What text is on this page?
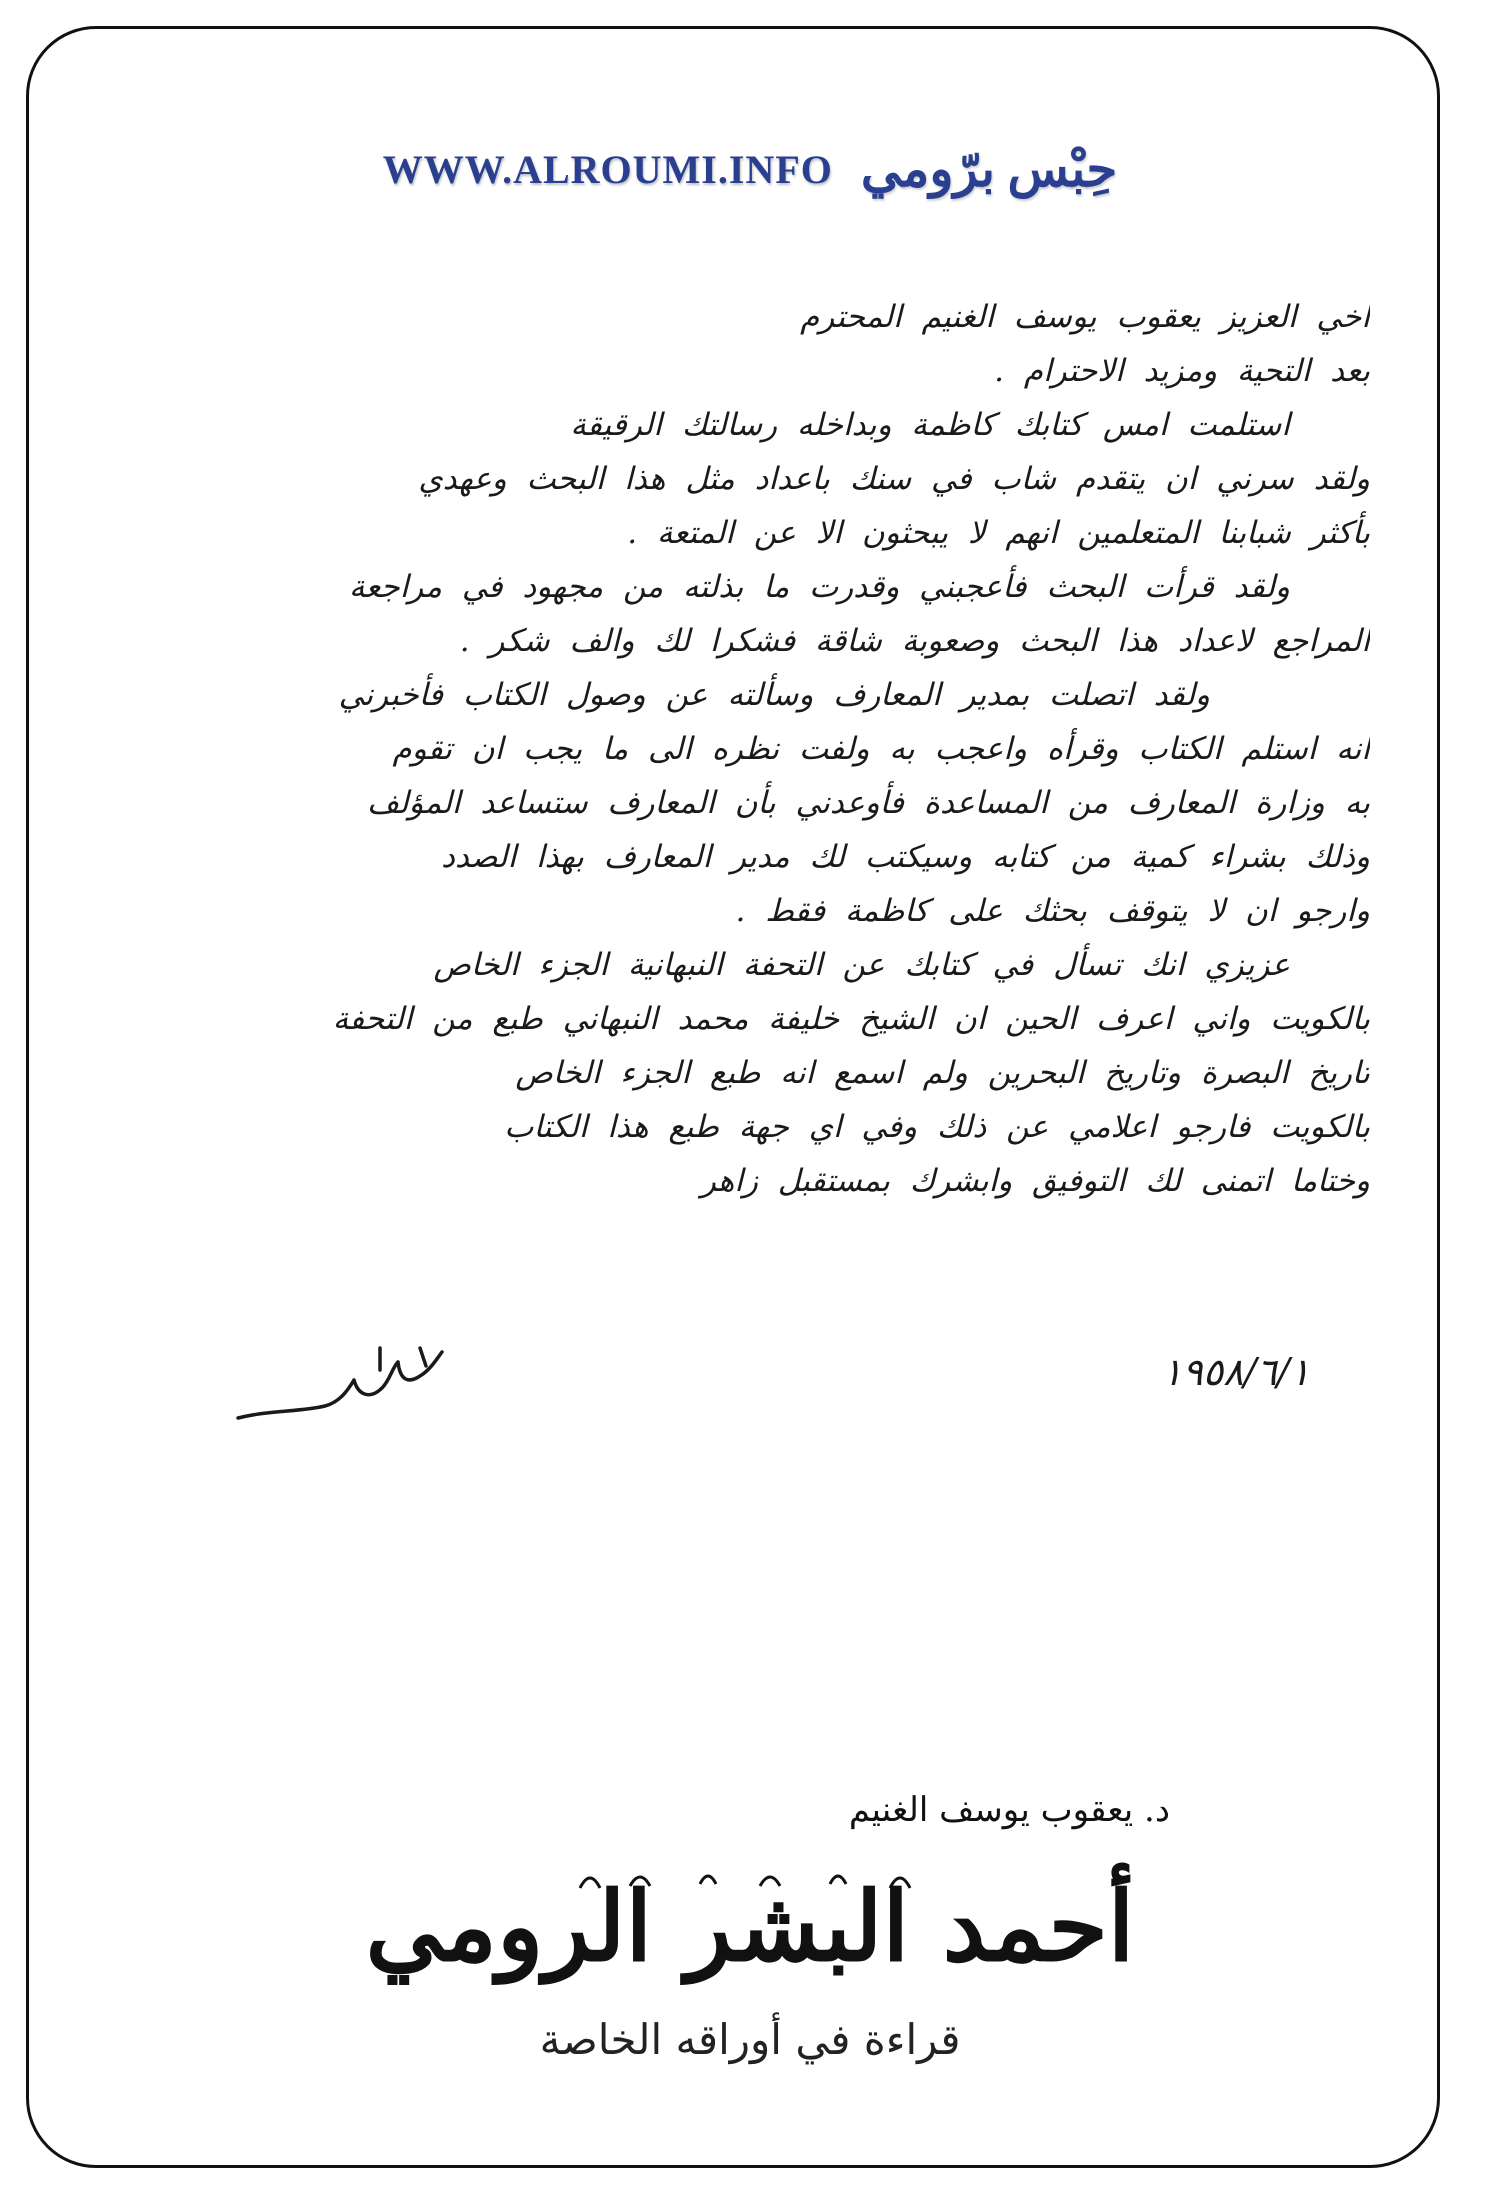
WWW.ALROUMI.INFO حِبْس برّومي
اخي العزيز يعقوب يوسف الغنيم المحترم
بعد التحية ومزيد الاحترام .
استلمت امس كتابك كاظمة وبداخله رسالتك الرقيقة
ولقد سرني ان يتقدم شاب في سنك باعداد مثل هذا البحث وعهدي
بأكثر شبابنا المتعلمين انهم لا يبحثون الا عن المتعة .
ولقد قرأت البحث فأعجبني وقدرت ما بذلته من مجهود في مراجعة
المراجع لاعداد هذا البحث وصعوبة شاقة فشكرا لك والف شكر .
ولقد اتصلت بمدير المعارف وسألته عن وصول الكتاب فأخبرني
انه استلم الكتاب وقرأه واعجب به ولفت نظره الى ما يجب ان تقوم
به وزارة المعارف من المساعدة فأوعدني بأن المعارف ستساعد المؤلف
وذلك بشراء كمية من كتابه وسيكتب لك مدير المعارف بهذا الصدد
وارجو ان لا يتوقف بحثك على كاظمة فقط .
عزيزي انك تسأل في كتابك عن التحفة النبهانية الجزء الخاص
بالكويت واني اعرف الحين ان الشيخ خليفة محمد النبهاني طبع من التحفة
تاريخ البصرة وتاريخ البحرين ولم اسمع انه طبع الجزء الخاص
بالكويت فارجو اعلامي عن ذلك وفي اي جهة طبع هذا الكتاب
وختاما اتمنى لك التوفيق وابشرك بمستقبل زاهر
١٩٥٨/٦/١
د. يعقوب يوسف الغنيم
أحمد البشر الرومي
قراءة في أوراقه الخاصة
